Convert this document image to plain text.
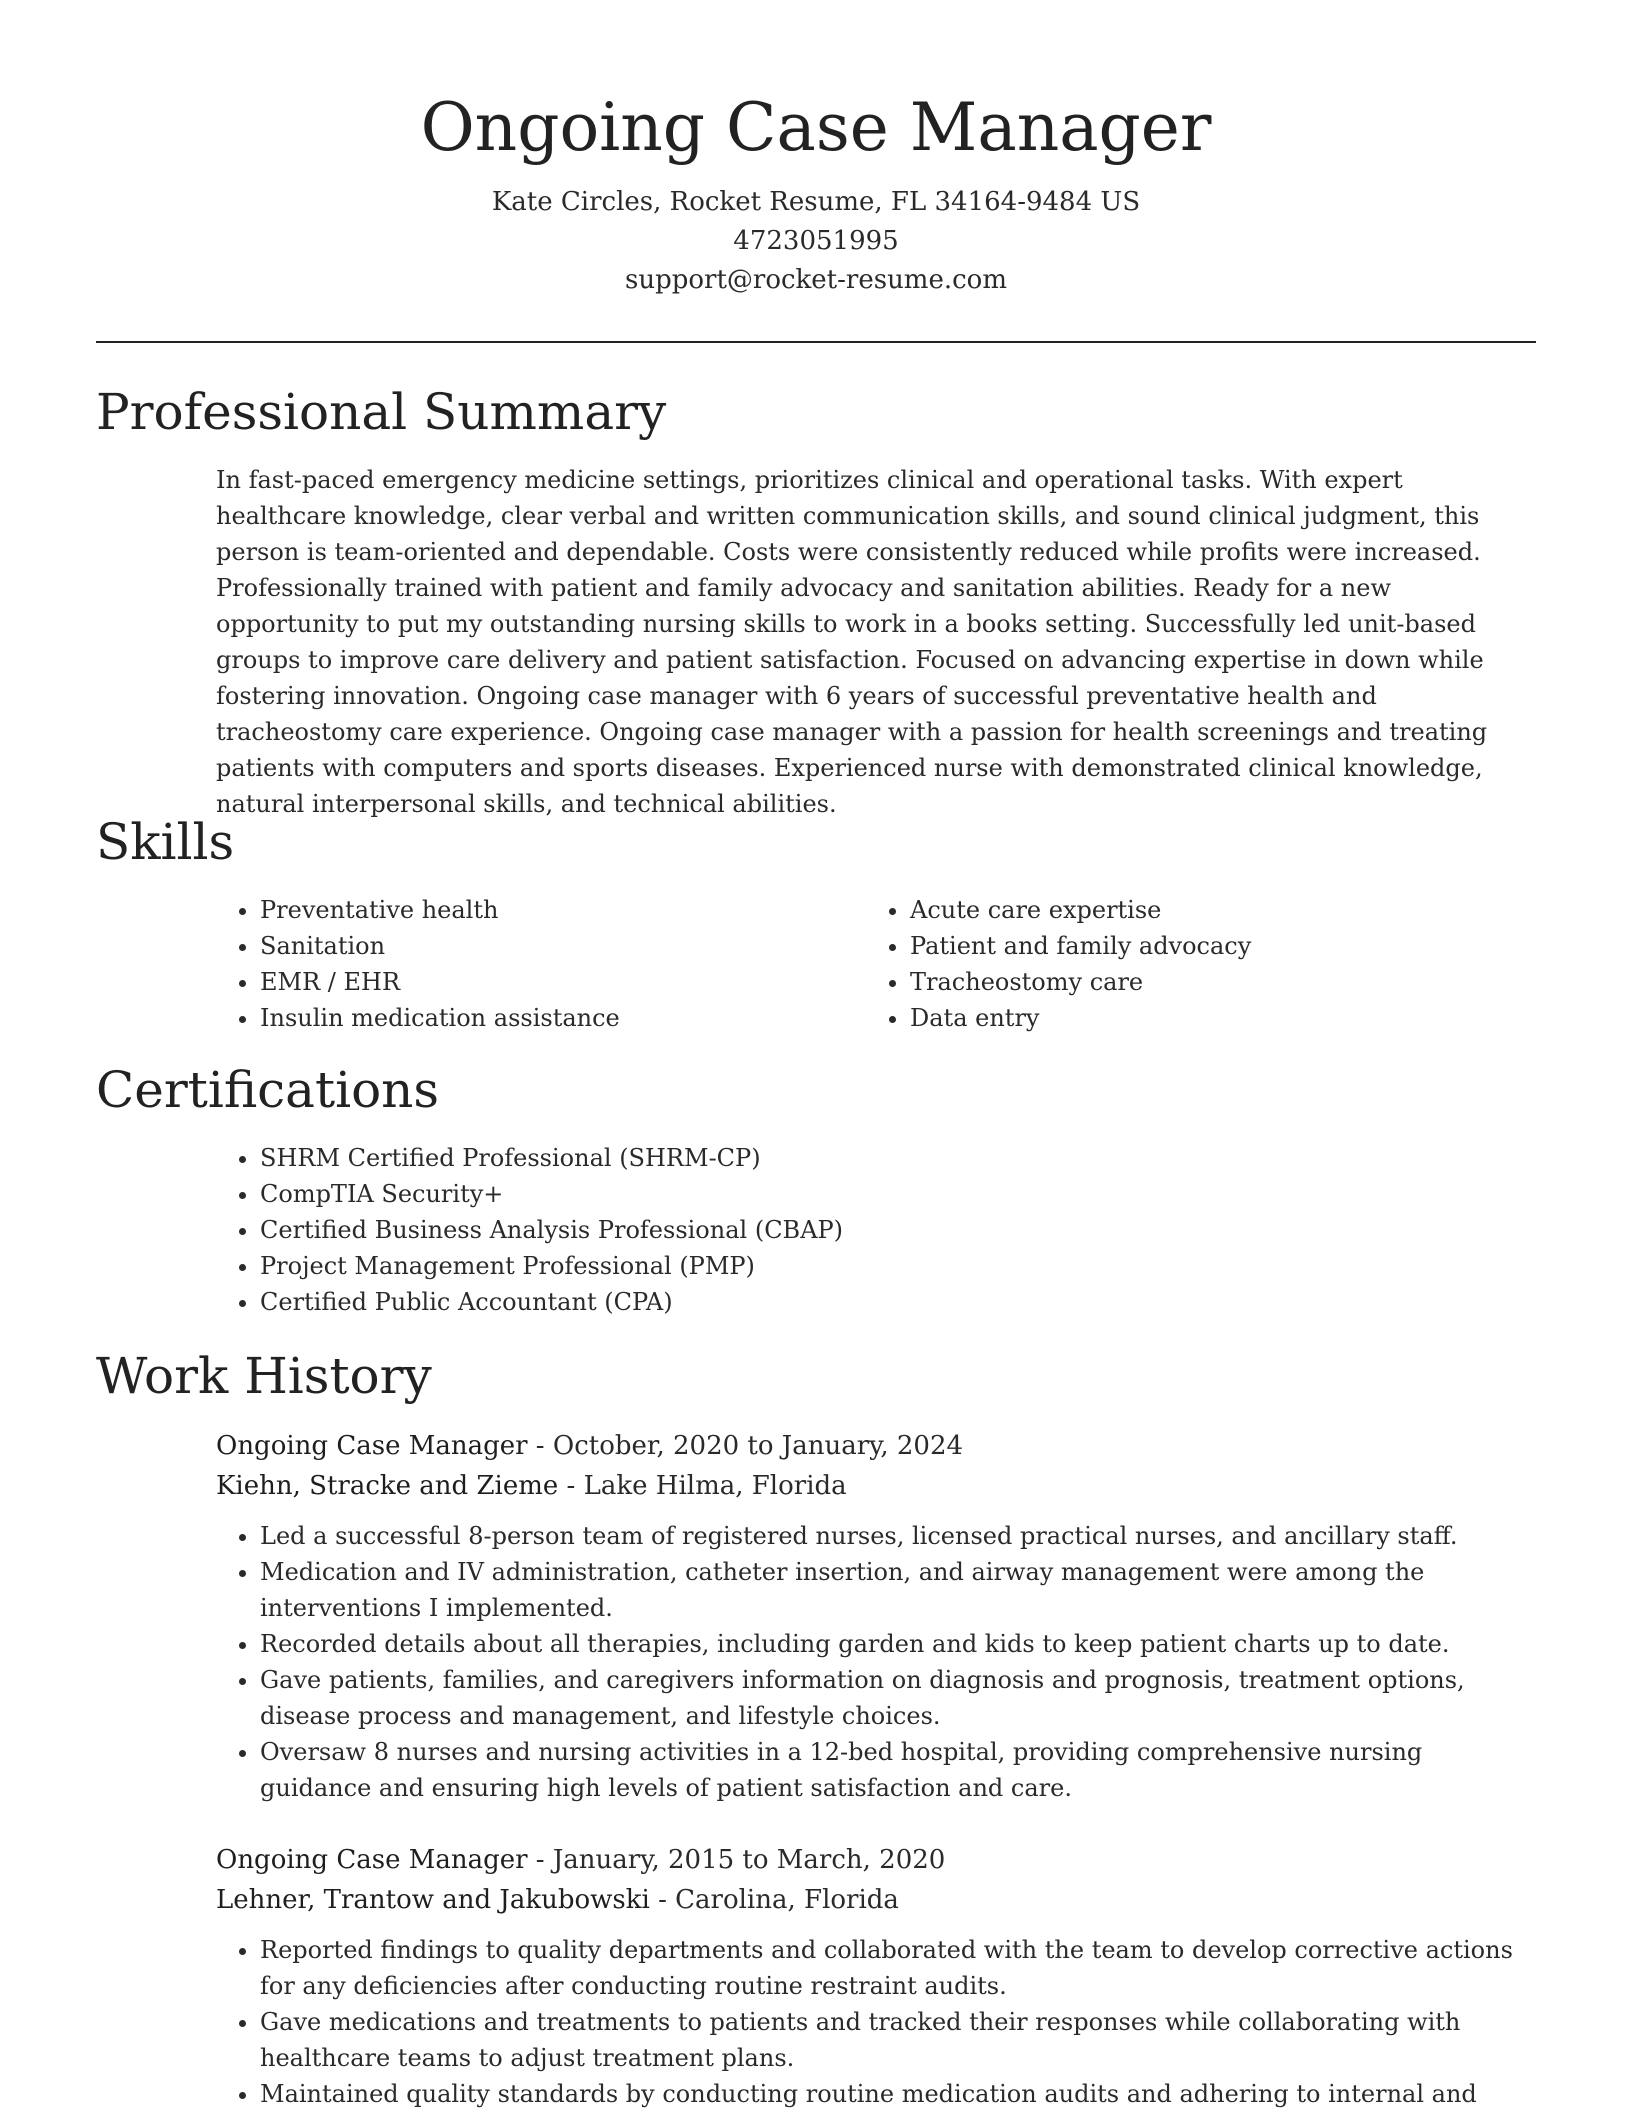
Ongoing Case Manager
Kate Circles, Rocket Resume, FL 34164-9484 US
4723051995
support@rocket-resume.com
Professional Summary

In fast-paced emergency medicine settings, prioritizes clinical and operational tasks. With expert healthcare knowledge, clear verbal and written communication skills, and sound clinical judgment, this person is team-oriented and dependable. Costs were consistently reduced while profits were increased. Professionally trained with patient and family advocacy and sanitation abilities. Ready for a new opportunity to put my outstanding nursing skills to work in a books setting. Successfully led unit-based groups to improve care delivery and patient satisfaction. Focused on advancing expertise in down while fostering innovation. Ongoing case manager with 6 years of successful preventative health and tracheostomy care experience. Ongoing case manager with a passion for health screenings and treating patients with computers and sports diseases. Experienced nurse with demonstrated clinical knowledge, natural interpersonal skills, and technical abilities.

Skills
• Preventative health
• Sanitation
• EMR / EHR
• Insulin medication assistance
• Acute care expertise
• Patient and family advocacy
• Tracheostomy care
• Data entry
Certifications
• SHRM Certified Professional (SHRM-CP)
• CompTIA Security+
• Certified Business Analysis Professional (CBAP)
• Project Management Professional (PMP)
• Certified Public Accountant (CPA)
Work History
Ongoing Case Manager - October, 2020 to January, 2024
Kiehn, Stracke and Zieme - Lake Hilma, Florida
• Led a successful 8-person team of registered nurses, licensed practical nurses, and ancillary staff.
• Medication and IV administration, catheter insertion, and airway management were among the interventions I implemented.
• Recorded details about all therapies, including garden and kids to keep patient charts up to date.
• Gave patients, families, and caregivers information on diagnosis and prognosis, treatment options, disease process and management, and lifestyle choices.
• Oversaw 8 nurses and nursing activities in a 12-bed hospital, providing comprehensive nursing guidance and ensuring high levels of patient satisfaction and care.
Ongoing Case Manager - January, 2015 to March, 2020
Lehner, Trantow and Jakubowski - Carolina, Florida
• Reported findings to quality departments and collaborated with the team to develop corrective actions for any deficiencies after conducting routine restraint audits.
• Gave medications and treatments to patients and tracked their responses while collaborating with healthcare teams to adjust treatment plans.
• Maintained quality standards by conducting routine medication audits and adhering to internal and
